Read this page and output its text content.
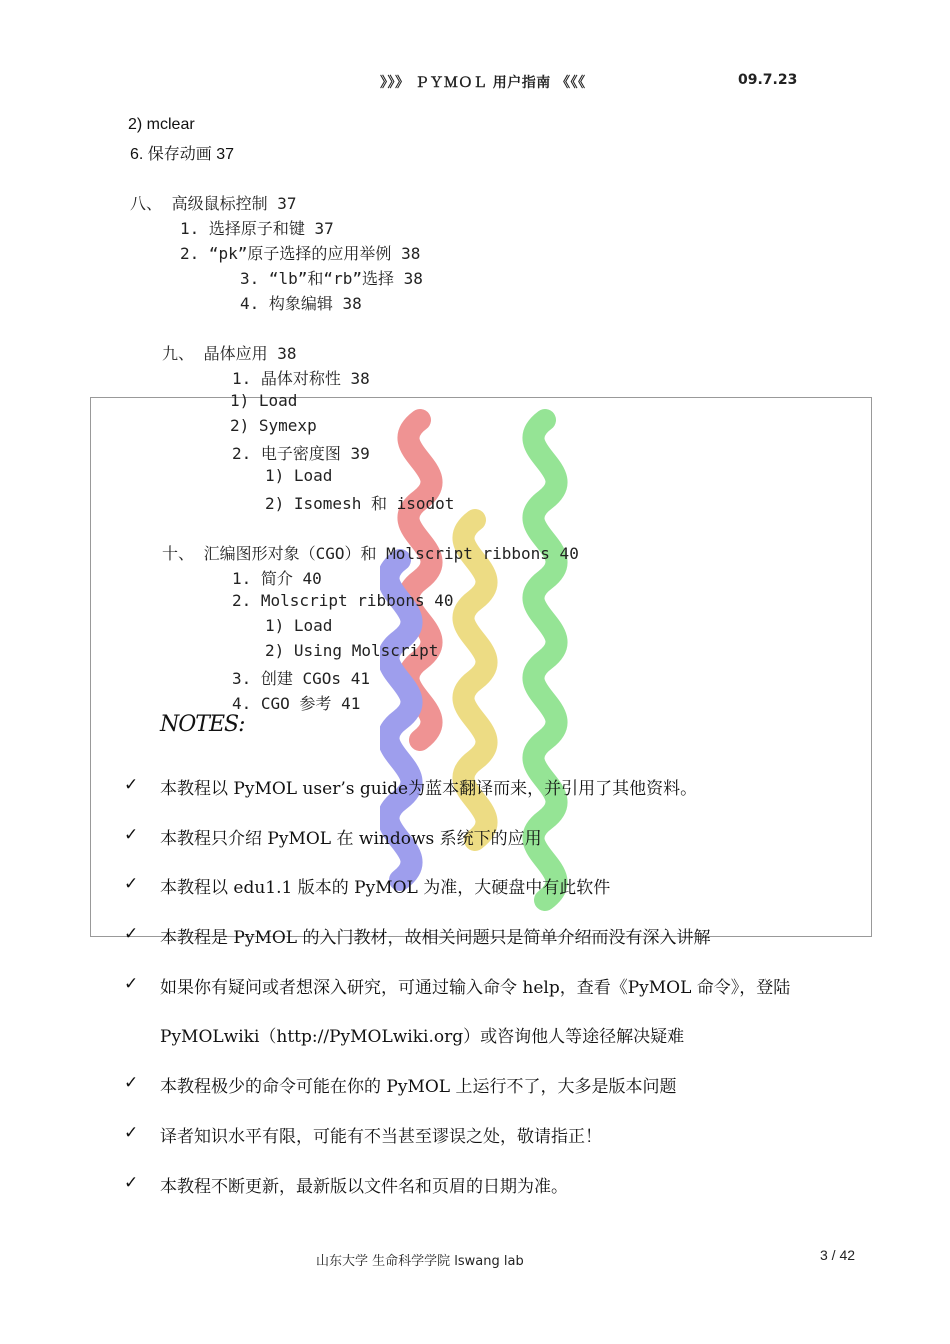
》》》 ＰＹＭＯＬ 用户指南 《《《	09.7.23
2) mclear
6. 保存动画 37
八、 高级鼠标控制 37
1. 选择原子和键 37
2. “pk”原子选择的应用举例 38
3. “lb”和“rb”选择 38
4. 构象编辑 38
九、 晶体应用 38
1. 晶体对称性 38
1) Load
2) Symexp
2. 电子密度图 39
1) Load
2) Isomesh 和 isodot
十、 汇编图形对象（CGO）和 Molscript ribbons 40
1. 简介 40
2. Molscript ribbons 40
1) Load
2) Using Molscript
3. 创建 CGOs 41
4. CGO 参考 41
NOTES:
✓ 本教程以 PyMOL user’s guide为蓝本翻译而来，并引用了其他资料。
✓ 本教程只介绍 PyMOL 在 windows 系统下的应用
✓ 本教程以 edu1.1 版本的 PyMOL 为准，大硬盘中有此软件
✓ 本教程是 PyMOL 的入门教材，故相关问题只是简单介绍而没有深入讲解
✓ 如果你有疑问或者想深入研究，可通过输入命令 help，查看《PyMOL 命令》，登陆
PyMOLwiki（http://PyMOLwiki.org）或咨询他人等途径解决疑难
✓ 本教程极少的命令可能在你的 PyMOL 上运行不了，大多是版本问题
✓ 译者知识水平有限，可能有不当甚至谬误之处，敬请指正！
✓ 本教程不断更新，最新版以文件名和页眉的日期为准。
山东大学 生命科学学院 lswang lab	3 / 42
